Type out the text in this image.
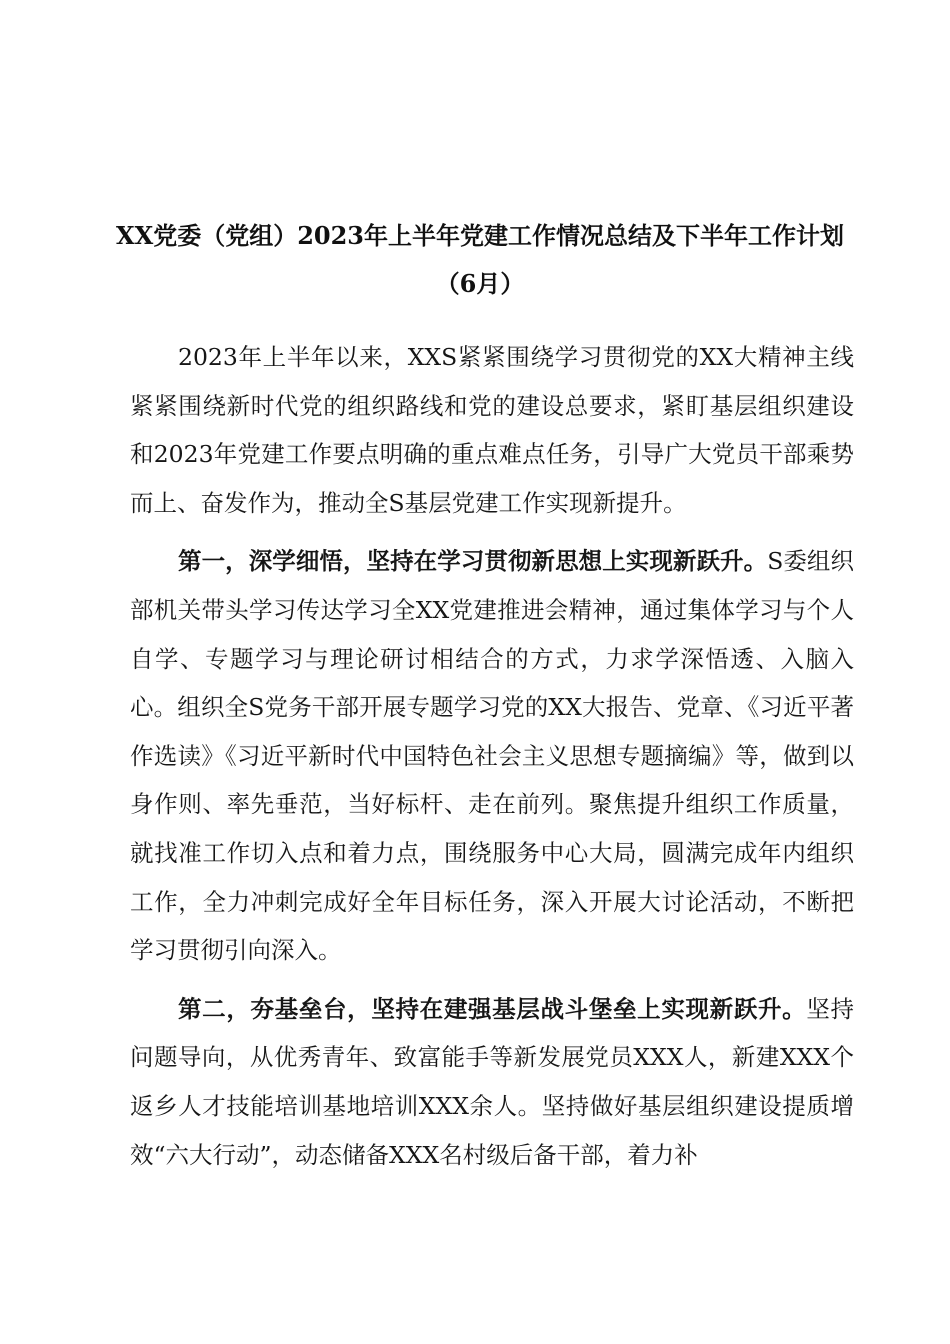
XX党委（党组）2023年上半年党建工作情况总结及下半年工作计划（6月）

2023年上半年以来，XXS紧紧围绕学习贯彻党的XX大精神主线紧紧围绕新时代党的组织路线和党的建设总要求，紧盯基层组织建设和2023年党建工作要点明确的重点难点任务，引导广大党员干部乘势而上、奋发作为，推动全S基层党建工作实现新提升。

第一，深学细悟，坚持在学习贯彻新思想上实现新跃升。S委组织部机关带头学习传达学习全XX党建推进会精神，通过集体学习与个人自学、专题学习与理论研讨相结合的方式，力求学深悟透、入脑入心。组织全S党务干部开展专题学习党的XX大报告、党章、《习近平著作选读》《习近平新时代中国特色社会主义思想专题摘编》等，做到以身作则、率先垂范，当好标杆、走在前列。聚焦提升组织工作质量，就找准工作切入点和着力点，围绕服务中心大局，圆满完成年内组织工作，全力冲刺完成好全年目标任务，深入开展大讨论活动，不断把学习贯彻引向深入。

第二，夯基垒台，坚持在建强基层战斗堡垒上实现新跃升。坚持问题导向，从优秀青年、致富能手等新发展党员XXX人，新建XXX个返乡人才技能培训基地培训XXX余人。坚持做好基层组织建设提质增效“六大行动”，动态储备XXX名村级后备干部，着力补
